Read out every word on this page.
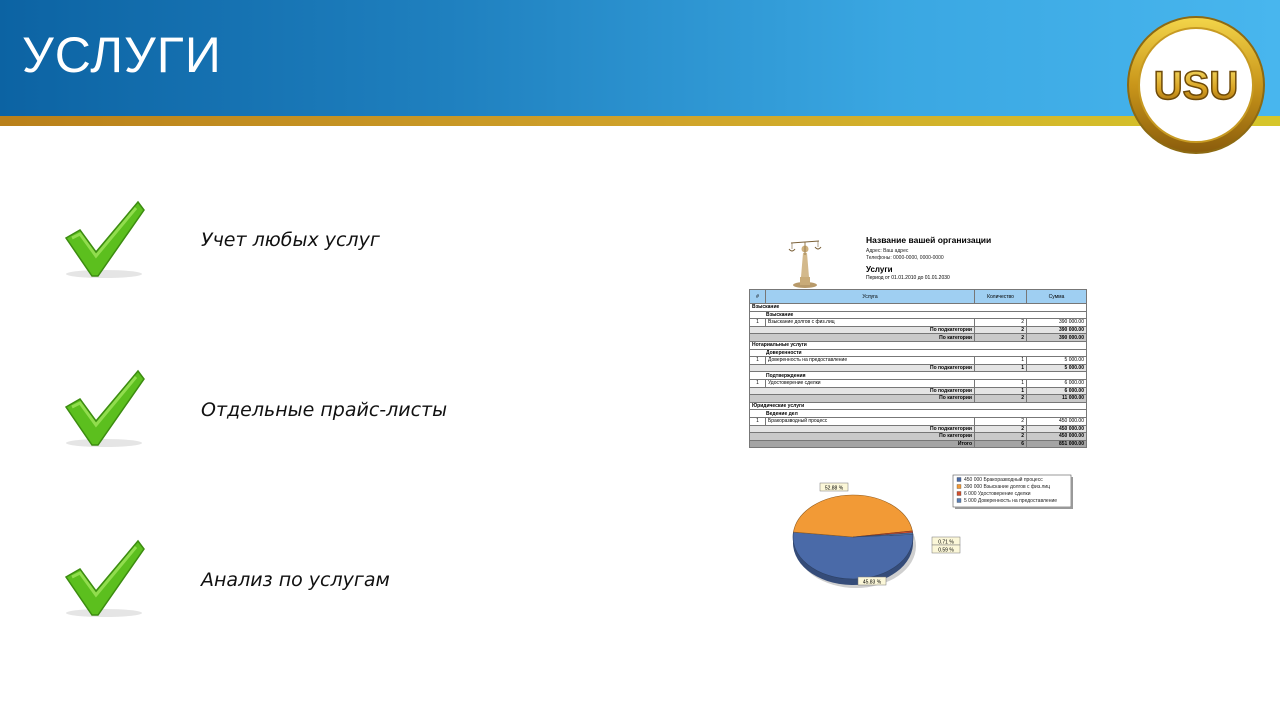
УСЛУГИ
USU
Учет любых услуг
Отдельные прайс-листы
Анализ по услугам
Название вашей организации
Адрес: Ваш адрес
Телефоны: 0000-0000, 0000-0000
Услуги
Период от 01.01.2010 до 01.01.2030
#	Услуга	Количество	Сумма
Взыскание			
Взыскание			
1	Взыскание долгов с физ.лиц	2	390 000.00
По подкатегории		2	390 000.00
По категории		2	390 000.00
Нотариальные услуги			
Доверенности			
1	Доверенность на предоставление	1	5 000.00
По подкатегории		1	5 000.00
Подтверждения			
1	Удостоверение сделки	1	6 000.00
По подкатегории		1	6 000.00
По категории		2	11 000.00
Юридические услуги			
Ведение дел			
1	Бракоразводный процесс	2	450 000.00
По подкатегории		2	450 000.00
По категории		2	450 000.00
Итого		6	851 000.00
52.88 %
45.83 %
0.71 %
0.59 %
450 000 Бракоразводный процесс
390 000 Взыскание долгов с физ.лиц
6 000 Удостоверение сделки
5 000 Доверенность на предоставление
